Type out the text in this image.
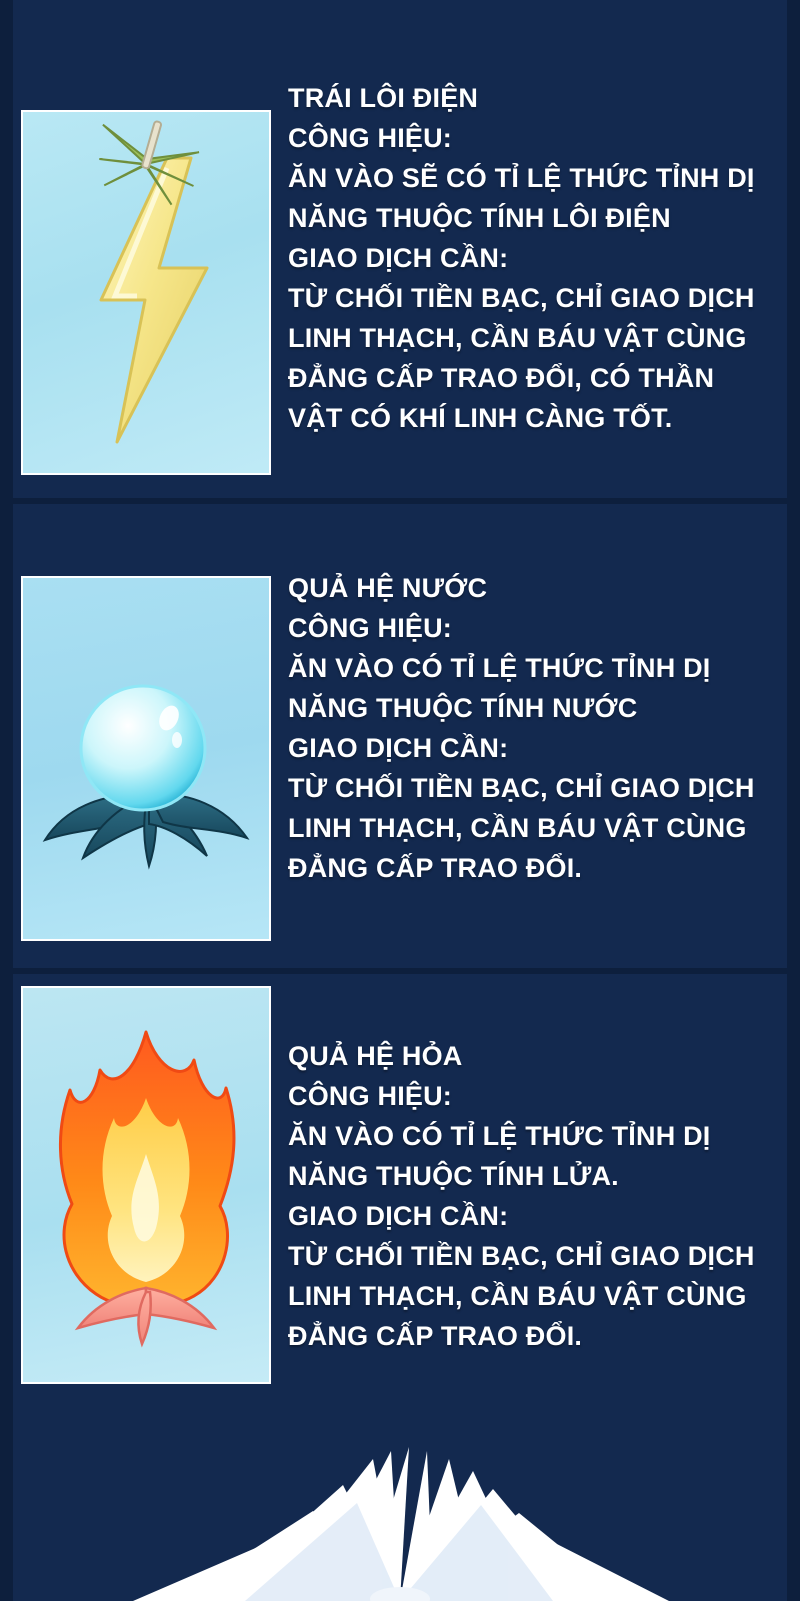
TRÁI LÔI ĐIỆN
CÔNG HIỆU:
ĂN VÀO SẼ CÓ TỈ LỆ THỨC TỈNH DỊ
NĂNG THUỘC TÍNH LÔI ĐIỆN
GIAO DỊCH CẦN:
TỪ CHỐI TIỀN BẠC, CHỈ GIAO DỊCH
LINH THẠCH, CẦN BÁU VẬT CÙNG
ĐẲNG CẤP TRAO ĐỔI, CÓ THẦN
VẬT CÓ KHÍ LINH CÀNG TỐT.
QUẢ HỆ NƯỚC
CÔNG HIỆU:
ĂN VÀO CÓ TỈ LỆ THỨC TỈNH DỊ
NĂNG THUỘC TÍNH NƯỚC
GIAO DỊCH CẦN:
TỪ CHỐI TIỀN BẠC, CHỈ GIAO DỊCH
LINH THẠCH, CẦN BÁU VẬT CÙNG
ĐẲNG CẤP TRAO ĐỔI.
QUẢ HỆ HỎA
CÔNG HIỆU:
ĂN VÀO CÓ TỈ LỆ THỨC TỈNH DỊ
NĂNG THUỘC TÍNH LỬA.
GIAO DỊCH CẦN:
TỪ CHỐI TIỀN BẠC, CHỈ GIAO DỊCH
LINH THẠCH, CẦN BÁU VẬT CÙNG
ĐẲNG CẤP TRAO ĐỔI.
